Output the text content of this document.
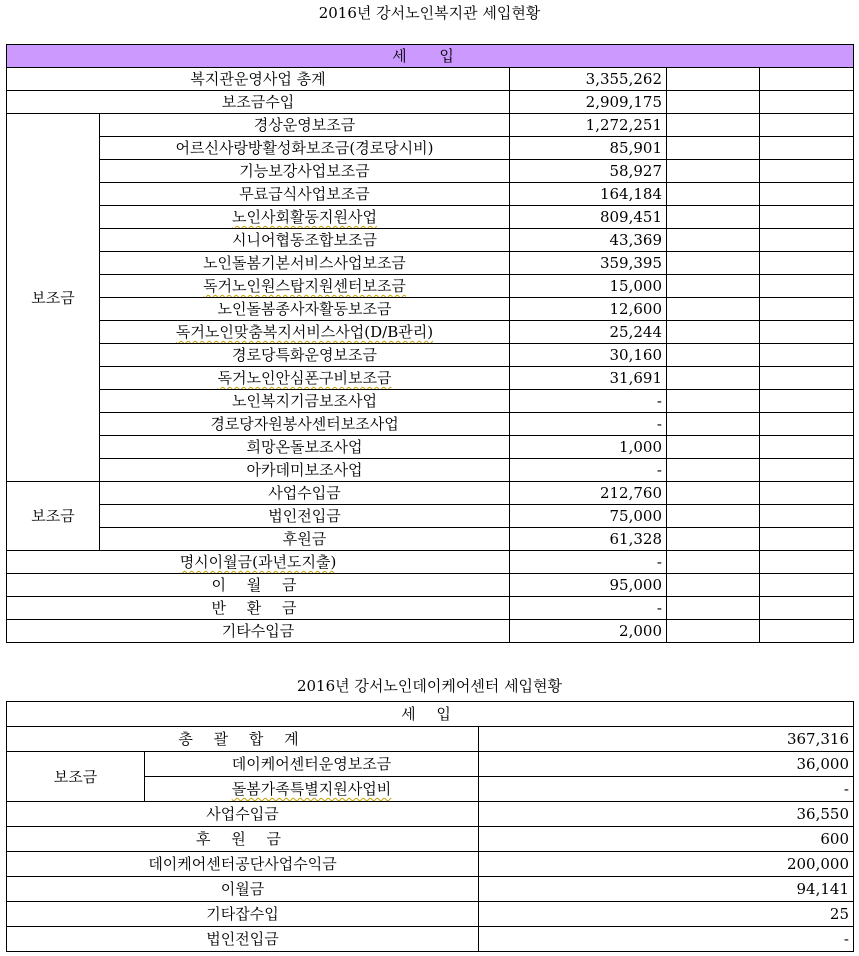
2016년 강서노인복지관 세입현황
세 입				
복지관운영사업 총계		3,355,262		
보조금수입		2,909,175		
보조금	경상운영보조금	1,272,251		
	어르신사랑방활성화보조금(경로당시비)	85,901		
	기능보강사업보조금	58,927		
	무료급식사업보조금	164,184		
	노인사회활동지원사업	809,451		
	시니어협동조합보조금	43,369		
	노인돌봄기본서비스사업보조금	359,395		
	독거노인원스탑지원센터보조금	15,000		
	노인돌봄종사자활동보조금	12,600		
	독거노인맞춤복지서비스사업(D/B관리)	25,244		
	경로당특화운영보조금	30,160		
	독거노인안심폰구비보조금	31,691		
	노인복지기금보조사업	-		
	경로당자원봉사센터보조사업	-		
	희망온돌보조사업	1,000		
	아카데미보조사업	-		
보조금	사업수입금	212,760		
	법인전입금	75,000		
	후원금	61,328		
명시이월금(과년도지출)		-		
이 월 금		95,000		
반 환 금		-		
기타수입금		2,000		
2016년 강서노인데이케어센터 세입현황
세 입		
총 괄 합 계		367,316
보조금	데이케어센터운영보조금	36,000
	돌봄가족특별지원사업비	-
사업수입금		36,550
후 원 금		600
데이케어센터공단사업수익금		200,000
이월금		94,141
기타잡수입		25
법인전입금		-
